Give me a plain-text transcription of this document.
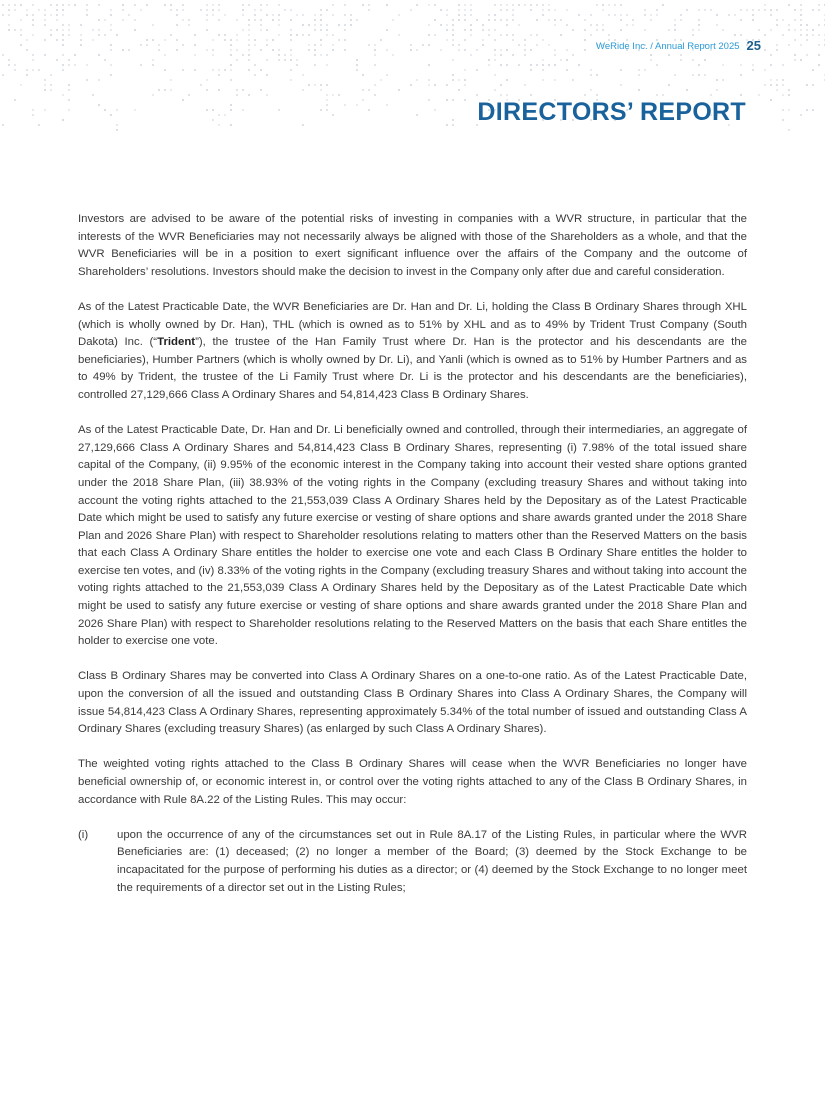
WeRide Inc. / Annual Report 2025 25
DIRECTORS’ REPORT

Investors are advised to be aware of the potential risks of investing in companies with a WVR structure, in particular that the interests of the WVR Beneficiaries may not necessarily always be aligned with those of the Shareholders as a whole, and that the WVR Beneficiaries will be in a position to exert significant influence over the affairs of the Company and the outcome of Shareholders’ resolutions. Investors should make the decision to invest in the Company only after due and careful consideration.

As of the Latest Practicable Date, the WVR Beneficiaries are Dr. Han and Dr. Li, holding the Class B Ordinary Shares through XHL (which is wholly owned by Dr. Han), THL (which is owned as to 51% by XHL and as to 49% by Trident Trust Company (South Dakota) Inc. (“Trident”), the trustee of the Han Family Trust where Dr. Han is the protector and his descendants are the beneficiaries), Humber Partners (which is wholly owned by Dr. Li), and Yanli (which is owned as to 51% by Humber Partners and as to 49% by Trident, the trustee of the Li Family Trust where Dr. Li is the protector and his descendants are the beneficiaries), controlled 27,129,666 Class A Ordinary Shares and 54,814,423 Class B Ordinary Shares.

As of the Latest Practicable Date, Dr. Han and Dr. Li beneficially owned and controlled, through their intermediaries, an aggregate of 27,129,666 Class A Ordinary Shares and 54,814,423 Class B Ordinary Shares, representing (i) 7.98% of the total issued share capital of the Company, (ii) 9.95% of the economic interest in the Company taking into account their vested share options granted under the 2018 Share Plan, (iii) 38.93% of the voting rights in the Company (excluding treasury Shares and without taking into account the voting rights attached to the 21,553,039 Class A Ordinary Shares held by the Depositary as of the Latest Practicable Date which might be used to satisfy any future exercise or vesting of share options and share awards granted under the 2018 Share Plan and 2026 Share Plan) with respect to Shareholder resolutions relating to matters other than the Reserved Matters on the basis that each Class A Ordinary Share entitles the holder to exercise one vote and each Class B Ordinary Share entitles the holder to exercise ten votes, and (iv) 8.33% of the voting rights in the Company (excluding treasury Shares and without taking into account the voting rights attached to the 21,553,039 Class A Ordinary Shares held by the Depositary as of the Latest Practicable Date which might be used to satisfy any future exercise or vesting of share options and share awards granted under the 2018 Share Plan and 2026 Share Plan) with respect to Shareholder resolutions relating to the Reserved Matters on the basis that each Share entitles the holder to exercise one vote.

Class B Ordinary Shares may be converted into Class A Ordinary Shares on a one-to-one ratio. As of the Latest Practicable Date, upon the conversion of all the issued and outstanding Class B Ordinary Shares into Class A Ordinary Shares, the Company will issue 54,814,423 Class A Ordinary Shares, representing approximately 5.34% of the total number of issued and outstanding Class A Ordinary Shares (excluding treasury Shares) (as enlarged by such Class A Ordinary Shares).

The weighted voting rights attached to the Class B Ordinary Shares will cease when the WVR Beneficiaries no longer have beneficial ownership of, or economic interest in, or control over the voting rights attached to any of the Class B Ordinary Shares, in accordance with Rule 8A.22 of the Listing Rules. This may occur:

(i)	upon the occurrence of any of the circumstances set out in Rule 8A.17 of the Listing Rules, in particular where the WVR Beneficiaries are: (1) deceased; (2) no longer a member of the Board; (3) deemed by the Stock Exchange to be incapacitated for the purpose of performing his duties as a director; or (4) deemed by the Stock Exchange to no longer meet the requirements of a director set out in the Listing Rules;
